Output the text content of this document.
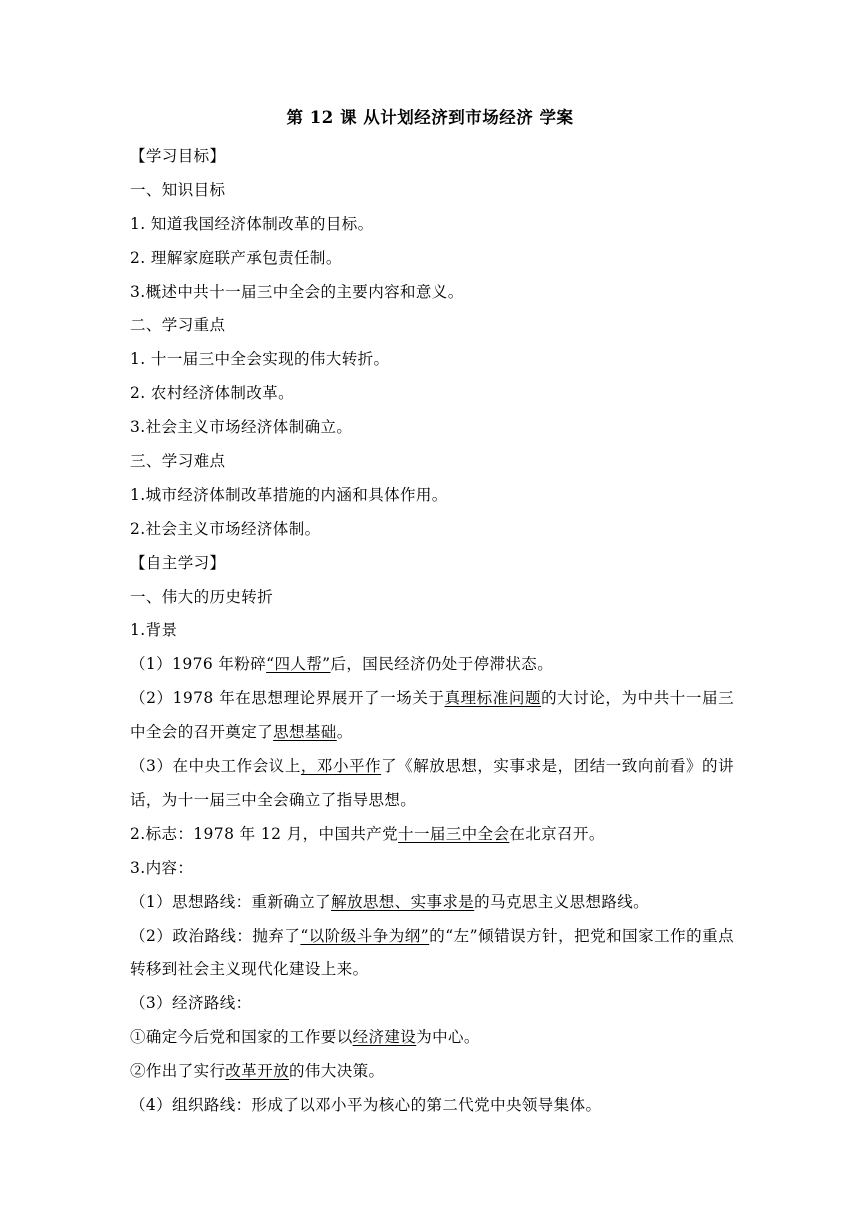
第 12 课 从计划经济到市场经济 学案
【学习目标】
一、知识目标
1. 知道我国经济体制改革的目标。
2. 理解家庭联产承包责任制。
3.概述中共十一届三中全会的主要内容和意义。
二、学习重点
1. 十一届三中全会实现的伟大转折。
2. 农村经济体制改革。
3.社会主义市场经济体制确立。
三、学习难点
1.城市经济体制改革措施的内涵和具体作用。
2.社会主义市场经济体制。
【自主学习】
一、伟大的历史转折
1.背景
（1）1976 年粉碎“四人帮”后，国民经济仍处于停滞状态。
（2）1978 年在思想理论界展开了一场关于真理标准问题的大讨论，为中共十一届三中全会的召开奠定了思想基础。
（3）在中央工作会议上，邓小平作了《解放思想，实事求是，团结一致向前看》的讲话，为十一届三中全会确立了指导思想。
2.标志：1978 年 12 月，中国共产党十一届三中全会在北京召开。
3.内容：
（1）思想路线：重新确立了解放思想、实事求是的马克思主义思想路线。
（2）政治路线：抛弃了“以阶级斗争为纲”的“左”倾错误方针，把党和国家工作的重点转移到社会主义现代化建设上来。
（3）经济路线：
①确定今后党和国家的工作要以经济建设为中心。
②作出了实行改革开放的伟大决策。
（4）组织路线：形成了以邓小平为核心的第二代党中央领导集体。
